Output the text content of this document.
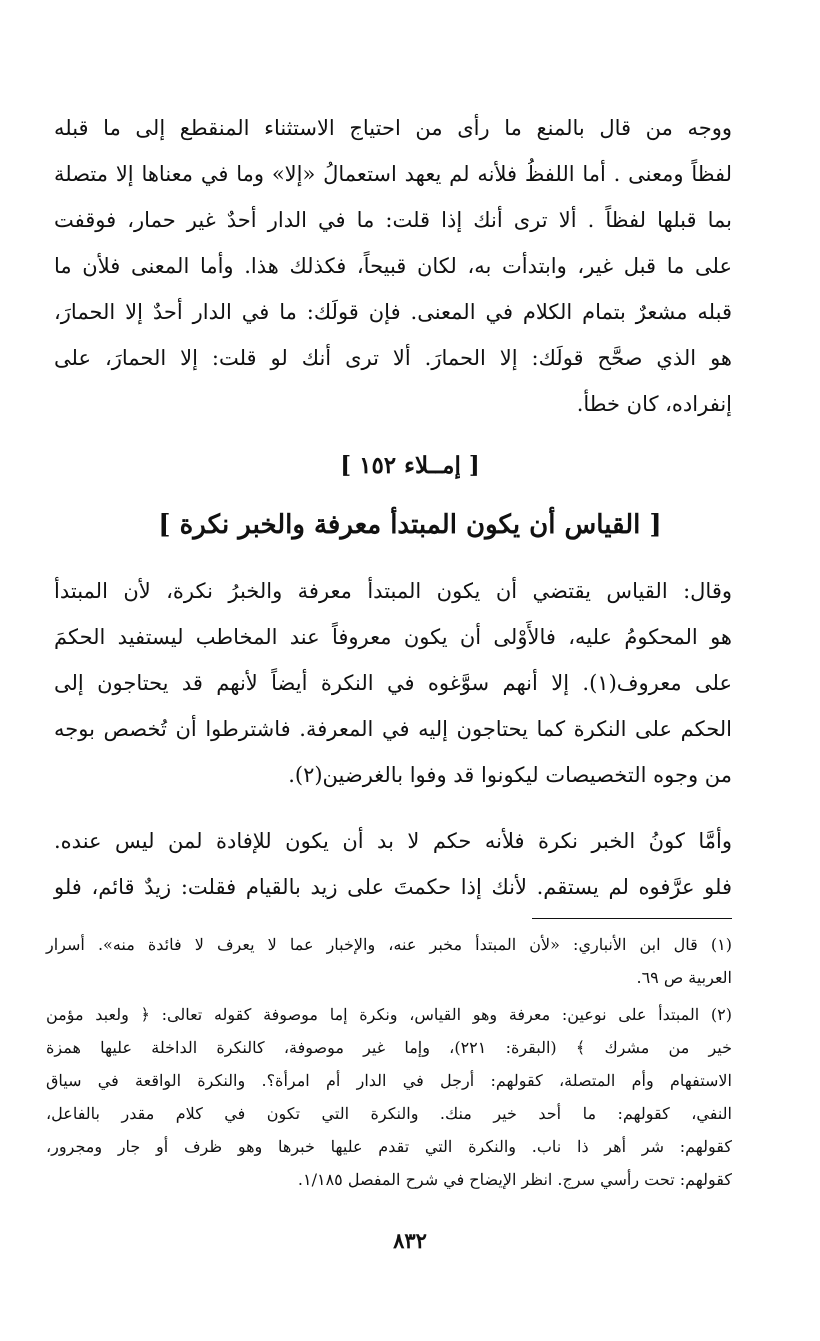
ووجه من قال بالمنع ما رأى من احتياج الاستثناء المنقطع إلى ما قبله
لفظاً ومعنى . أما اللفظُ فلأنه لم يعهد استعمالُ «إلا» وما في معناها إلا متصلة
بما قبلها لفظاً . ألا ترى أنك إذا قلت: ما في الدار أحدٌ غير حمار، فوقفت
على ما قبل غير، وابتدأت به، لكان قبيحاً، فكذلك هذا. وأما المعنى فلأن ما
قبله مشعرٌ بتمام الكلام في المعنى. فإن قولَك: ما في الدار أحدٌ إلا الحمارَ،
هو الذي صحَّح قولَك: إلا الحمارَ. ألا ترى أنك لو قلت: إلا الحمارَ، على
إنفراده، كان خطأ.
[ إمــلاء ١٥٢ ]
[ القياس أن يكون المبتدأ معرفة والخبر نكرة ]
وقال: القياس يقتضي أن يكون المبتدأ معرفة والخبرُ نكرة، لأن المبتدأ
هو المحكومُ عليه، فالأَوْلى أن يكون معروفاً عند المخاطب ليستفيد الحكمَ
على معروف(١). إلا أنهم سوَّغوه في النكرة أيضاً لأنهم قد يحتاجون إلى
الحكم على النكرة كما يحتاجون إليه في المعرفة. فاشترطوا أن تُخصص بوجه
من وجوه التخصيصات ليكونوا قد وفوا بالغرضين(٢).
وأمَّا كونُ الخبر نكرة فلأنه حكم لا بد أن يكون للإفادة لمن ليس عنده.
فلو عرَّفوه لم يستقم. لأنك إذا حكمتَ على زيد بالقيام فقلت: زيدٌ قائم، فلو
(١) قال ابن الأنباري: «لأن المبتدأ مخبر عنه، والإخبار عما لا يعرف لا فائدة منه». أسرار
العربية ص ٦٩.
(٢) المبتدأ على نوعين: معرفة وهو القياس، ونكرة إما موصوفة كقوله تعالى: ﴿ ولعبد مؤمن
خير من مشرك ﴾ (البقرة: ٢٢١)، وإما غير موصوفة، كالنكرة الداخلة عليها همزة
الاستفهام وأم المتصلة، كقولهم: أرجل في الدار أم امرأة؟. والنكرة الواقعة في سياق
النفي، كقولهم: ما أحد خير منك. والنكرة التي تكون في كلام مقدر بالفاعل،
كقولهم: شر أهر ذا ناب. والنكرة التي تقدم عليها خبرها وهو ظرف أو جار ومجرور،
كقولهم: تحت رأسي سرج. انظر الإيضاح في شرح المفصل ١/١٨٥.
٨٣٢
